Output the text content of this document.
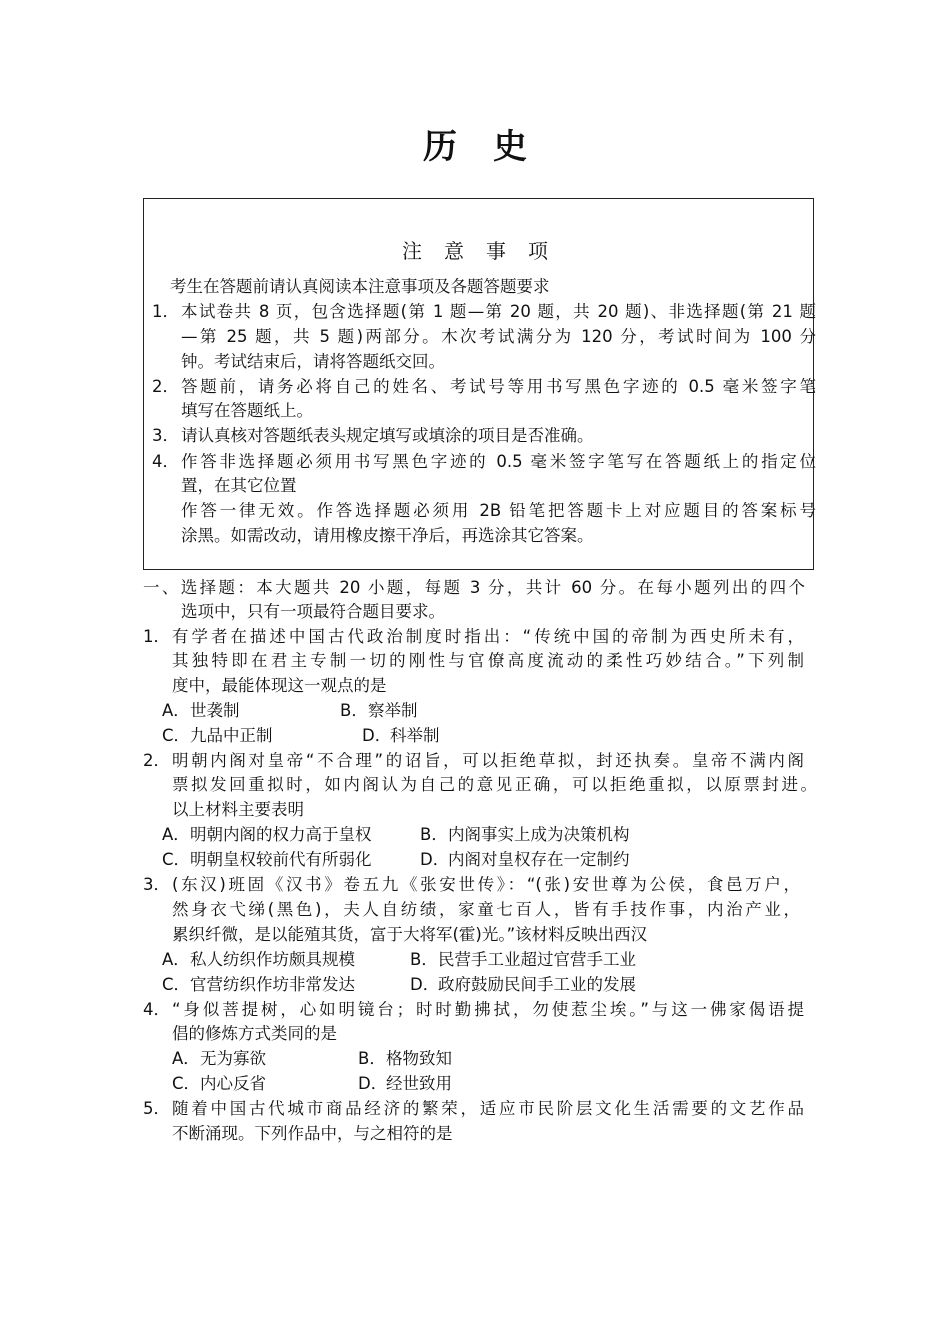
历史
注意事项
考生在答题前请认真阅读本注意事项及各题答题要求
1． 本试卷共 8 页，包含选择题(第 1 题—第 20 题，共 20 题)、非选择题(第 21 题
—第 25 题，共 5 题)两部分。木次考试满分为 120 分，考试时间为 100 分
钟。考试结束后，请将答题纸交回。
2． 答题前，请务必将自己的姓名、考试号等用书写黑色字迹的 0.5 毫米签字笔
填写在答题纸上。
3． 请认真核对答题纸表头规定填写或填涂的项目是否准确。
4． 作答非选择题必须用书写黑色字迹的 0.5 毫米签字笔写在答题纸上的指定位
置，在其它位置
作答一律无效。作答选择题必须用 2B 铅笔把答题卡上对应题目的答案标号
涂黑。如需改动，请用橡皮擦干净后，再选涂其它答案。
一、选择题：本大题共 20 小题，每题 3 分，共计 60 分。在每小题列出的四个
选项中，只有一项最符合题目要求。
1． 有学者在描述中国古代政治制度时指出：“传统中国的帝制为西史所未有，
其独特即在君主专制一切的刚性与官僚高度流动的柔性巧妙结合。”下列制
度中，最能体现这一观点的是
A． 世袭制	B． 察举制
C． 九品中正制	D．
科举制
2． 明朝内阁对皇帝“不合理”的诏旨，可以拒绝草拟，封还执奏。皇帝不满内阁
票拟发回重拟时，如内阁认为自己的意见正确，可以拒绝重拟，以原票封进。
以上材料主要表明
A． 明朝内阁的权力高于皇权	B． 内阁事实上成为决策机构
C． 明朝皇权较前代有所弱化	D．
内阁对皇权存在一定制约
3． (东汉)班固《汉书》卷五九《张安世传》：“(张)安世尊为公侯，食邑万户，
然身衣弋绨(黑色)，夫人自纺绩，家童七百人，皆有手技作事，内治产业，
累织纤微，是以能殖其货，富于大将军(霍)光。”该材料反映出西汉
A． 私人纺织作坊颇具规模	B． 民营手工业超过官营手工业
C． 官营纺织作坊非常发达	D．
政府鼓励民间手工业的发展
4． “身似菩提树，心如明镜台；时时勤拂拭，勿使惹尘埃。”与这一佛家偈语提
倡的修炼方式类同的是
A． 无为寡欲	B． 格物致知
C． 内心反省	D．
经世致用
5． 随着中国古代城市商品经济的繁荣，适应市民阶层文化生活需要的文艺作品
不断涌现。下列作品中，与之相符的是
